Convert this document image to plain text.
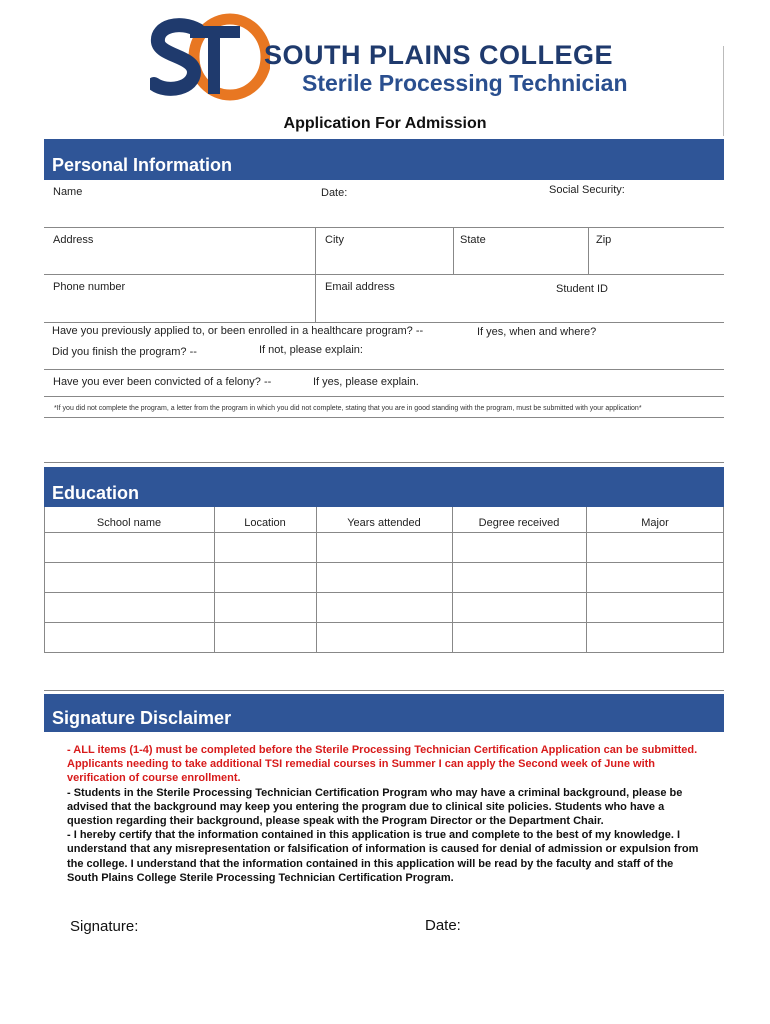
SOUTH PLAINS COLLEGE
Sterile Processing Technician
Application For Admission
Personal Information
Name	Date:	Social Security:
Address	City	State	Zip
Phone number	Email address	Student ID
Have you previously applied to, or been enrolled in a healthcare program? --	If yes, when and where?
Did you finish the program? --	If not, please explain:
Have you ever been convicted of a felony? --	If yes, please explain.
*If you did not complete the program, a letter from the program in which you did not complete, stating that you are in good standing with the program, must be submitted with your application*
Education
School name	Location	Years attended	Degree received	Major
Signature Disclaimer

- ALL items (1-4) must be completed before the Sterile Processing Technician Certification Application can be submitted. Applicants needing to take additional TSI remedial courses in Summer I can apply the Second week of June with verification of course enrollment.

- Students in the Sterile Processing Technician Certification Program who may have a criminal background, please be advised that the background may keep you entering the program due to clinical site policies. Students who have a question regarding their background, please speak with the Program Director or the Department Chair.

- I hereby certify that the information contained in this application is true and complete to the best of my knowledge. I understand that any misrepresentation or falsification of information is caused for denial of admission or expulsion from the college. I understand that the information contained in this application will be read by the faculty and staff of the South Plains College Sterile Processing Technician Certification Program.

Signature:	Date:
